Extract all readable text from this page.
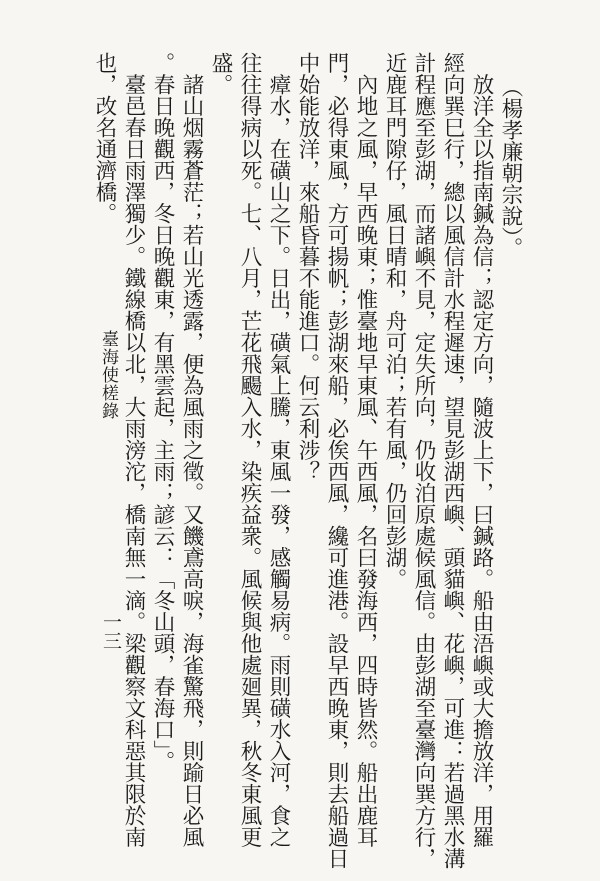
臺海使槎錄
一三
（楊孝廉朝宗說）。
　放洋全以指南鍼為信；認定方向，隨波上下，曰鍼路。船由浯嶼或大擔放洋，用羅
經向巽巳行，總以風信計水程遲速，望見彭湖西嶼、頭貓嶼、花嶼，可進：若過黑水溝
計程應至彭湖，而諸嶼不見，定失所向，仍收泊原處候風信。由彭湖至臺灣向巽方行，
近鹿耳門隙仔，風日晴和，舟可泊；若有風，仍回彭湖。
　內地之風，早西晚東；惟臺地早東風、午西風，名曰發海西，四時皆然。船出鹿耳
門，必得東風，方可揚帆；彭湖來船，必俟西風，纔可進港。設早西晚東，則去船過日
中始能放洋，來船昏暮不能進口。何云利涉？
　瘴水，在磺山之下。日出，磺氣上騰，東風一發，感觸易病。雨則磺水入河，食之
往往得病以死。七、八月，芒花飛颺入水，染疾益衆。風候與他處廻異，秋冬東風更
盛。
　諸山烟霧蒼茫；若山光透露，便為風雨之徵。又饑鳶高唳，海雀驚飛，則踰日必風
。春日晚觀西，冬日晚觀東，有黑雲起，主雨；諺云：「冬山頭，春海口」。
　臺邑春日雨澤獨少。鐵線橋以北，大雨滂沱，橋南無一滴。梁觀察文科惡其限於南
也，改名通濟橋。
